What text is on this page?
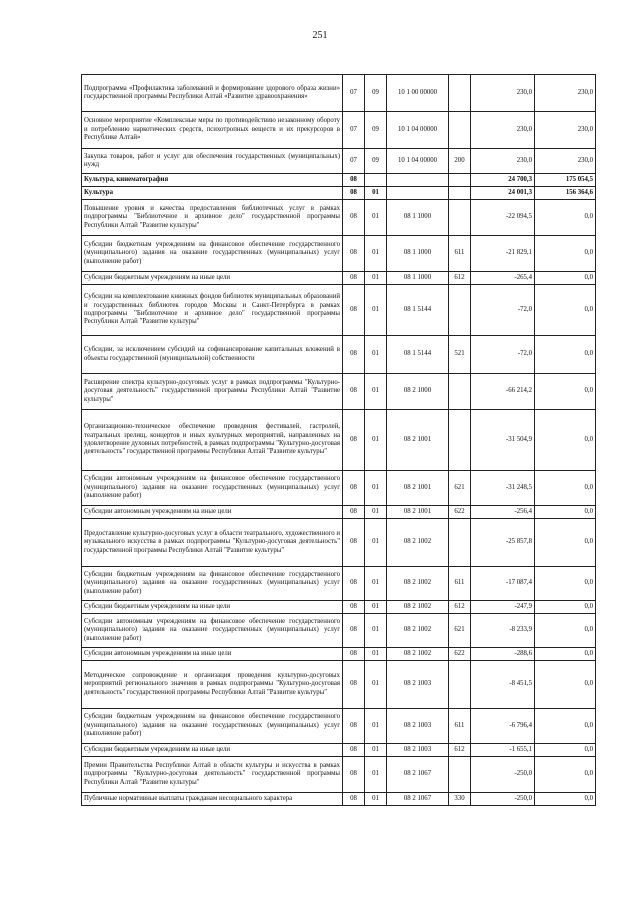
251
Подпрограмма «Профилактика заболеваний и формирование здорового образа жизни» государственной программы Республики Алтай «Развитие здравоохранения»	07	09	10 1 00 00000		230,0	230,0
Основное мероприятие «Комплексные меры по противодействию незаконному обороту и потреблению наркотических средств, психотропных веществ и их прекурсоров в Республике Алтай»	07	09	10 1 04 00000		230,0	230,0
Закупка товаров, работ и услуг для обеспечения государственных (муниципальных) нужд	07	09	10 1 04 00000	200	230,0	230,0
Культура, кинематография	08				24 700,3	175 054,5
Культура	08	01			24 001,3	156 364,6
Повышение уровня и качества предоставления библиотечных услуг в рамках подпрограммы "Библиотечное и архивное дело" государственной программы Республики Алтай "Развитие культуры"	08	01	08 1 1000		-22 094,5	0,0
Субсидии бюджетным учреждениям на финансовое обеспечение государственного (муниципального) задания на оказание государственных (муниципальных) услуг (выполнение работ)	08	01	08 1 1000	611	-21 829,1	0,0
Субсидии бюджетным учреждениям на иные цели	08	01	08 1 1000	612	-265,4	0,0
Субсидии на комплектование книжных фондов библиотек муниципальных образований и государственных библиотек городов Москвы и Санкт-Петербурга в рамках подпрограммы "Библиотечное и архивное дело" государственной программы Республики Алтай "Развитие культуры"	08	01	08 1 5144		-72,0	0,0
Субсидии, за исключением субсидий на софинансирование капитальных вложений в объекты государственной (муниципальной) собственности	08	01	08 1 5144	521	-72,0	0,0
Расширение спектра культурно-досуговых услуг в рамках подпрограммы "Культурно-досуговая деятельность" государственной программы Республики Алтай "Развитие культуры"	08	01	08 2 1000		-66 214,2	0,0
Организационно-техническое обеспечение проведения фестивалей, гастролей, театральных зрелищ, концертов и иных культурных мероприятий, направленных на удовлетворение духовных потребностей, в рамках подпрограммы "Культурно-досуговая деятельность" государственной программы Республики Алтай "Развитие культуры"	08	01	08 2 1001		-31 504,9	0,0
Субсидии автономным учреждениям на финансовое обеспечение государственного (муниципального) задания на оказание государственных (муниципальных) услуг (выполнение работ)	08	01	08 2 1001	621	-31 248,5	0,0
Субсидии автономным учреждениям на иные цели	08	01	08 2 1001	622	-256,4	0,0
Предоставление культурно-досуговых услуг в области театрального, художественного и музыкального искусства в рамках подпрограммы "Культурно-досуговая деятельность" государственной программы Республики Алтай "Развитие культуры"	08	01	08 2 1002		-25 857,8	0,0
Субсидии бюджетным учреждениям на финансовое обеспечение государственного (муниципального) задания на оказание государственных (муниципальных) услуг (выполнение работ)	08	01	08 2 1002	611	-17 087,4	0,0
Субсидии бюджетным учреждениям на иные цели	08	01	08 2 1002	612	-247,9	0,0
Субсидии автономным учреждениям на финансовое обеспечение государственного (муниципального) задания на оказание государственных (муниципальных) услуг (выполнение работ)	08	01	08 2 1002	621	-8 233,9	0,0
Субсидии автономным учреждениям на иные цели	08	01	08 2 1002	622	-288,6	0,0
Методическое сопровождение и организация проведения культурно-досуговых мероприятий регионального значения в рамках подпрограммы "Культурно-досуговая деятельность" государственной программы Республики Алтай "Развитие культуры"	08	01	08 2 1003		-8 451,5	0,0
Субсидии бюджетным учреждениям на финансовое обеспечение государственного (муниципального) задания на оказание государственных (муниципальных) услуг (выполнение работ)	08	01	08 2 1003	611	-6 796,4	0,0
Субсидии бюджетным учреждениям на иные цели	08	01	08 2 1003	612	-1 655,1	0,0
Премии Правительства Республики Алтай в области культуры и искусства в рамках подпрограммы "Культурно-досуговая деятельность" государственной программы Республики Алтай "Развитие культуры"	08	01	08 2 1067		-250,0	0,0
Публичные нормативные выплаты гражданам несоциального характера	08	01	08 2 1067	330	-250,0	0,0
